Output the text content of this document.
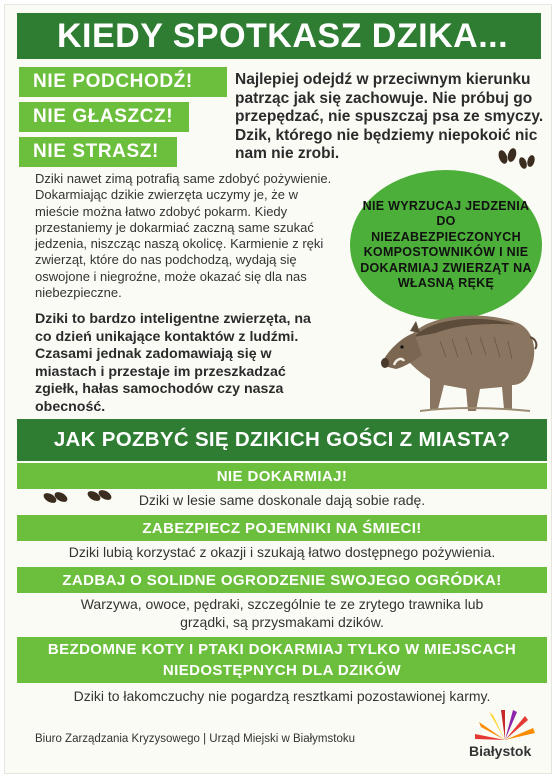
KIEDY SPOTKASZ DZIKA...
NIE PODCHODŹ!
NIE GŁASZCZ!
NIE STRASZ!

Najlepiej odejdź w przeciwnym kierunku patrząc jak się zachowuje. Nie próbuj go przepędzać, nie spuszczaj psa ze smyczy. Dzik, którego nie będziemy niepokoić nic nam nie zrobi.

Dziki nawet zimą potrafią same zdobyć pożywienie. Dokarmiając dzikie zwierzęta uczymy je, że w mieście można łatwo zdobyć pokarm. Kiedy przestaniemy je dokarmiać zaczną same szukać jedzenia, niszcząc naszą okolicę. Karmienie z ręki zwierząt, które do nas podchodzą, wydają się oswojone i niegroźne, może okazać się dla nas niebezpieczne.

Dziki to bardzo inteligentne zwierzęta, na co dzień unikające kontaktów z ludźmi. Czasami jednak zadomawiają się w miastach i przestaje im przeszkadzać zgiełk, hałas samochodów czy nasza obecność.

NIE WYRZUCAJ JEDZENIA DO NIEZABEZPIECZONYCH KOMPOSTOWNIKÓW I NIE DOKARMIAJ ZWIERZĄT NA WŁASNĄ RĘKĘ
JAK POZBYĆ SIĘ DZIKICH GOŚCI Z MIASTA?
NIE DOKARMIAJ!

Dziki w lesie same doskonale dają sobie radę.

ZABEZPIECZ POJEMNIKI NA ŚMIECI!

Dziki lubią korzystać z okazji i szukają łatwo dostępnego pożywienia.

ZADBAJ O SOLIDNE OGRODZENIE SWOJEGO OGRÓDKA!

Warzywa, owoce, pędraki, szczególnie te ze zrytego trawnika lub grządki, są przysmakami dzików.

BEZDOMNE KOTY I PTAKI DOKARMIAJ TYLKO W MIEJSCACH NIEDOSTĘPNYCH DLA DZIKÓW

Dziki to łakomczuchy nie pogardzą resztkami pozostawionej karmy.

Biuro Zarządzania Kryzysowego | Urząd Miejski w Białymstoku
Białystok
